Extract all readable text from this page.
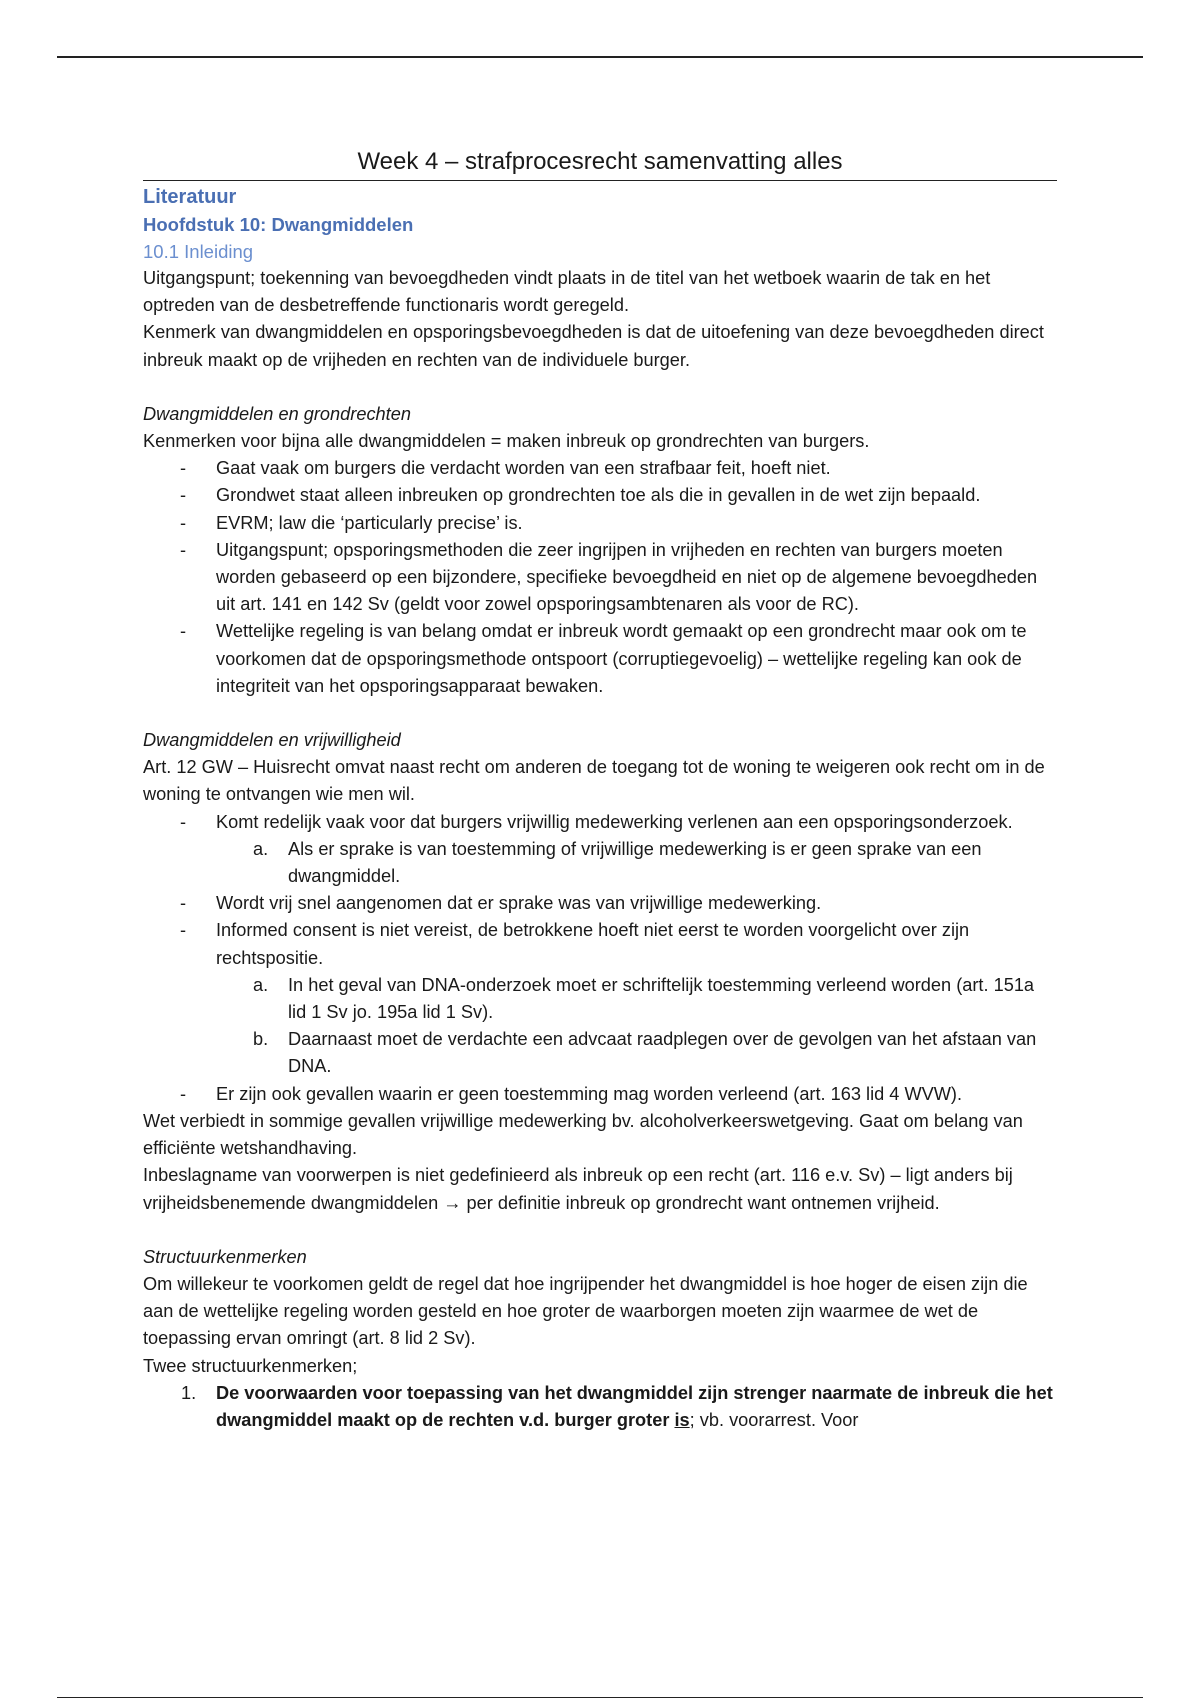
Week 4 – strafprocesrecht samenvatting alles
Literatuur
Hoofdstuk 10: Dwangmiddelen
10.1 Inleiding
Uitgangspunt; toekenning van bevoegdheden vindt plaats in de titel van het wetboek waarin de tak en het optreden van de desbetreffende functionaris wordt geregeld.
Kenmerk van dwangmiddelen en opsporingsbevoegdheden is dat de uitoefening van deze bevoegdheden direct inbreuk maakt op de vrijheden en rechten van de individuele burger.
Dwangmiddelen en grondrechten
Kenmerken voor bijna alle dwangmiddelen = maken inbreuk op grondrechten van burgers.
- Gaat vaak om burgers die verdacht worden van een strafbaar feit, hoeft niet.
- Grondwet staat alleen inbreuken op grondrechten toe als die in gevallen in de wet zijn bepaald.
- EVRM; law die ‘particularly precise’ is.
- Uitgangspunt; opsporingsmethoden die zeer ingrijpen in vrijheden en rechten van burgers moeten worden gebaseerd op een bijzondere, specifieke bevoegdheid en niet op de algemene bevoegdheden uit art. 141 en 142 Sv (geldt voor zowel opsporingsambtenaren als voor de RC).
- Wettelijke regeling is van belang omdat er inbreuk wordt gemaakt op een grondrecht maar ook om te voorkomen dat de opsporingsmethode ontspoort (corruptiegevoelig) – wettelijke regeling kan ook de integriteit van het opsporingsapparaat bewaken.
Dwangmiddelen en vrijwilligheid
Art. 12 GW – Huisrecht omvat naast recht om anderen de toegang tot de woning te weigeren ook recht om in de woning te ontvangen wie men wil.
- Komt redelijk vaak voor dat burgers vrijwillig medewerking verlenen aan een opsporingsonderzoek.
a. Als er sprake is van toestemming of vrijwillige medewerking is er geen sprake van een dwangmiddel.
- Wordt vrij snel aangenomen dat er sprake was van vrijwillige medewerking.
- Informed consent is niet vereist, de betrokkene hoeft niet eerst te worden voorgelicht over zijn rechtspositie.
a. In het geval van DNA-onderzoek moet er schriftelijk toestemming verleend worden (art. 151a lid 1 Sv jo. 195a lid 1 Sv).
b. Daarnaast moet de verdachte een advcaat raadplegen over de gevolgen van het afstaan van DNA.
- Er zijn ook gevallen waarin er geen toestemming mag worden verleend (art. 163 lid 4 WVW).
Wet verbiedt in sommige gevallen vrijwillige medewerking bv. alcoholverkeerswetgeving. Gaat om belang van efficiënte wetshandhaving.
Inbeslagname van voorwerpen is niet gedefinieerd als inbreuk op een recht (art. 116 e.v. Sv) – ligt anders bij vrijheidsbenemende dwangmiddelen → per definitie inbreuk op grondrecht want ontnemen vrijheid.
Structuurkenmerken
Om willekeur te voorkomen geldt de regel dat hoe ingrijpender het dwangmiddel is hoe hoger de eisen zijn die aan de wettelijke regeling worden gesteld en hoe groter de waarborgen moeten zijn waarmee de wet de toepassing ervan omringt (art. 8 lid 2 Sv).
Twee structuurkenmerken;
1. De voorwaarden voor toepassing van het dwangmiddel zijn strenger naarmate de inbreuk die het dwangmiddel maakt op de rechten v.d. burger groter is; vb. voorarrest. Voor
